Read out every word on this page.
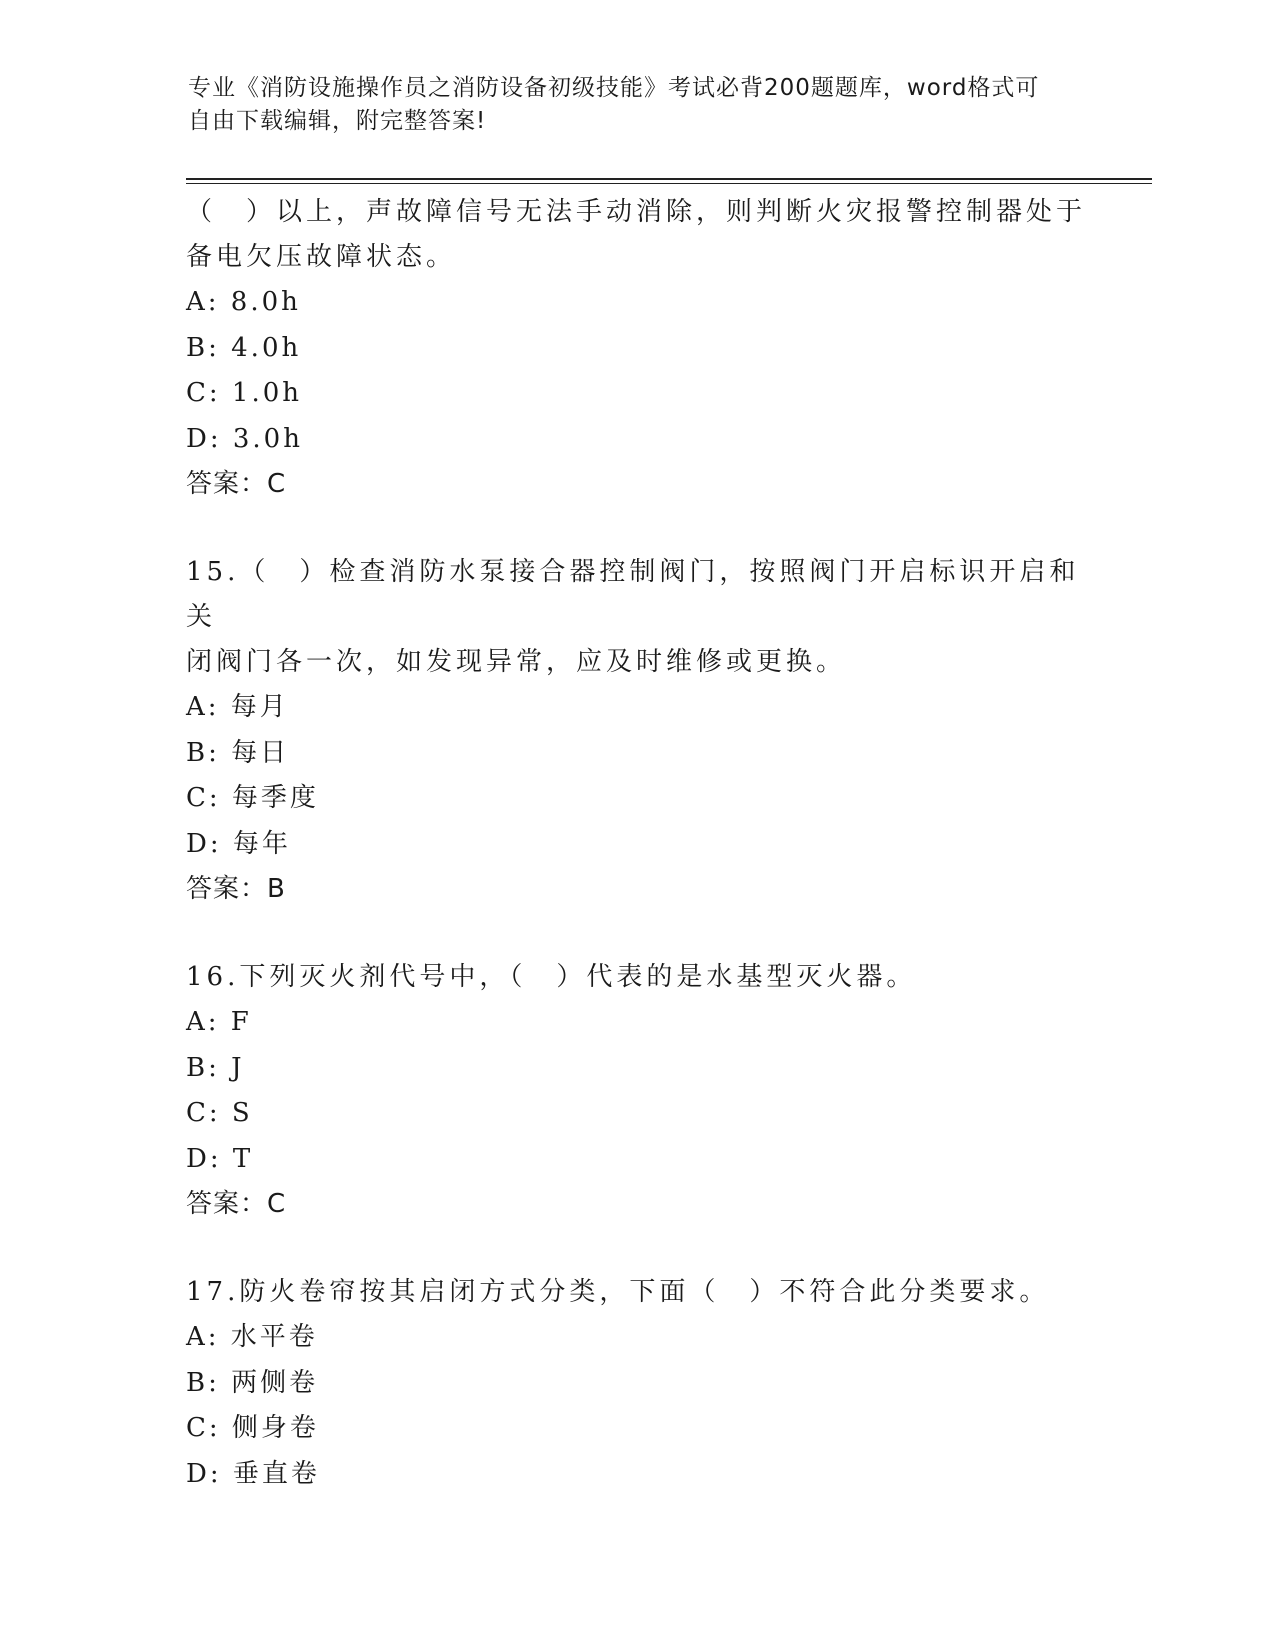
专业《消防设施操作员之消防设备初级技能》考试必背200题题库，word格式可
自由下载编辑，附完整答案!

（　）以上，声故障信号无法手动消除，则判断火灾报警控制器处于

备电欠压故障状态。

A: 8.0h

B: 4.0h

C: 1.0h

D: 3.0h

答案：C

15.（　）检查消防水泵接合器控制阀门，按照阀门开启标识开启和关

闭阀门各一次，如发现异常，应及时维修或更换。

A: 每月

B: 每日

C: 每季度

D: 每年

答案：B

16.下列灭火剂代号中，（　）代表的是水基型灭火器。

A: F

B: J

C: S

D: T

答案：C

17.防火卷帘按其启闭方式分类，下面（　）不符合此分类要求。

A: 水平卷

B: 两侧卷

C: 侧身卷

D: 垂直卷
